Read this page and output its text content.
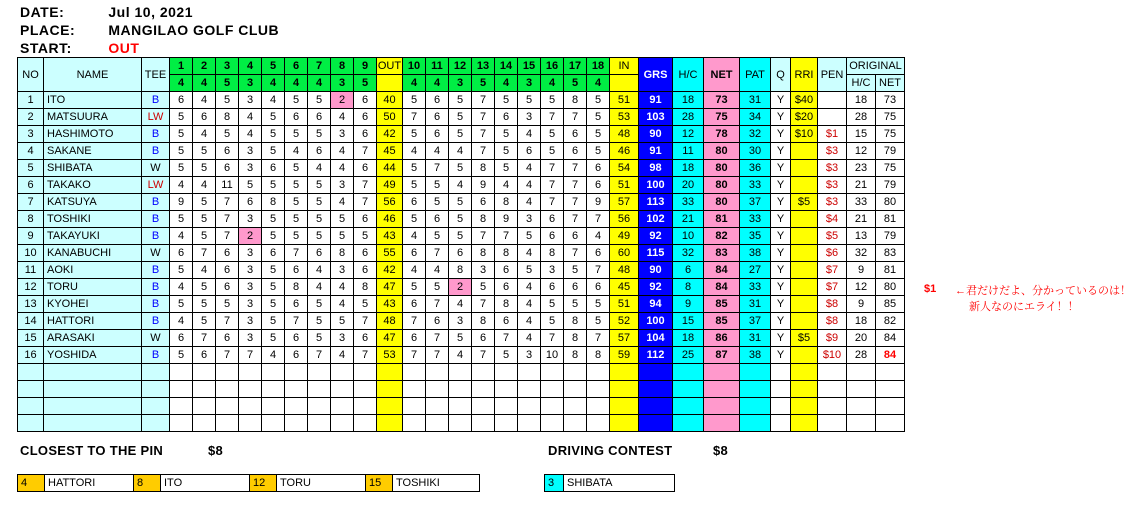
DATE:	Jul 10, 2021
PLACE: MANGILAO GOLF CLUB
START:	OUT
NO	NAME	TEE	1	2	3	4	5	6	7	8	9	OUT	10	11	12	13	14	15	16	17	18	IN	GRS	H/C	NET	PAT	Q	RRI	PEN	ORIGINAL	
			4	4	5	3	4	4	4	3	5		4	4	3	5	4	3	4	5	4									H/C	NET
1	ITO	B	6	4	5	3	4	5	5	2	6	40	5	6	5	7	5	5	5	8	5	51	91	18	73	31	Y	$40		18	73
2	MATSUURA	LW	5	6	8	4	5	6	6	4	6	50	7	6	5	7	6	3	7	7	5	53	103	28	75	34	Y	$20		28	75
3	HASHIMOTO	B	5	4	5	4	5	5	5	3	6	42	5	6	5	7	5	4	5	6	5	48	90	12	78	32	Y	$10	$1	15	75
4	SAKANE	B	5	5	6	3	5	4	6	4	7	45	4	4	4	7	5	6	5	6	5	46	91	11	80	30	Y		$3	12	79
5	SHIBATA	W	5	5	6	3	6	5	4	4	6	44	5	7	5	8	5	4	7	7	6	54	98	18	80	36	Y		$3	23	75
6	TAKAKO	LW	4	4	11	5	5	5	5	3	7	49	5	5	4	9	4	4	7	7	6	51	100	20	80	33	Y		$3	21	79
7	KATSUYA	B	9	5	7	6	8	5	5	4	7	56	6	5	5	6	8	4	7	7	9	57	113	33	80	37	Y	$5	$3	33	80
8	TOSHIKI	B	5	5	7	3	5	5	5	5	6	46	5	6	5	8	9	3	6	7	7	56	102	21	81	33	Y		$4	21	81
9	TAKAYUKI	B	4	5	7	2	5	5	5	5	5	43	4	5	5	7	7	5	6	6	4	49	92	10	82	35	Y		$5	13	79
10	KANABUCHI	W	6	7	6	3	6	7	6	8	6	55	6	7	6	8	8	4	8	7	6	60	115	32	83	38	Y		$6	32	83
11	AOKI	B	5	4	6	3	5	6	4	3	6	42	4	4	8	3	6	5	3	5	7	48	90	6	84	27	Y		$7	9	81
12	TORU	B	4	5	6	3	5	8	4	4	8	47	5	5	2	5	6	4	6	6	6	45	92	8	84	33	Y		$7	12	80
13	KYOHEI	B	5	5	5	3	5	6	5	4	5	43	6	7	4	7	8	4	5	5	5	51	94	9	85	31	Y		$8	9	85
14	HATTORI	B	4	5	7	3	5	7	5	5	7	48	7	6	3	8	6	4	5	8	5	52	100	15	85	37	Y		$8	18	82
15	ARASAKI	W	6	7	6	3	5	6	5	3	6	47	6	7	5	6	7	4	7	8	7	57	104	18	86	31	Y	$5	$9	20	84
16	YOSHIDA	B	5	6	7	7	4	6	7	4	7	53	7	7	4	7	5	3	10	8	8	59	112	25	87	38	Y		$10	28	84

$1 ←君だけだよ、分かっているのは！
新人なのにエライ！！
CLOSEST TO THE PIN	$8	DRIVING CONTEST	$8
4	HATTORI	8	ITO	12	TORU	15	TOSHIKI	3	SHIBATA
